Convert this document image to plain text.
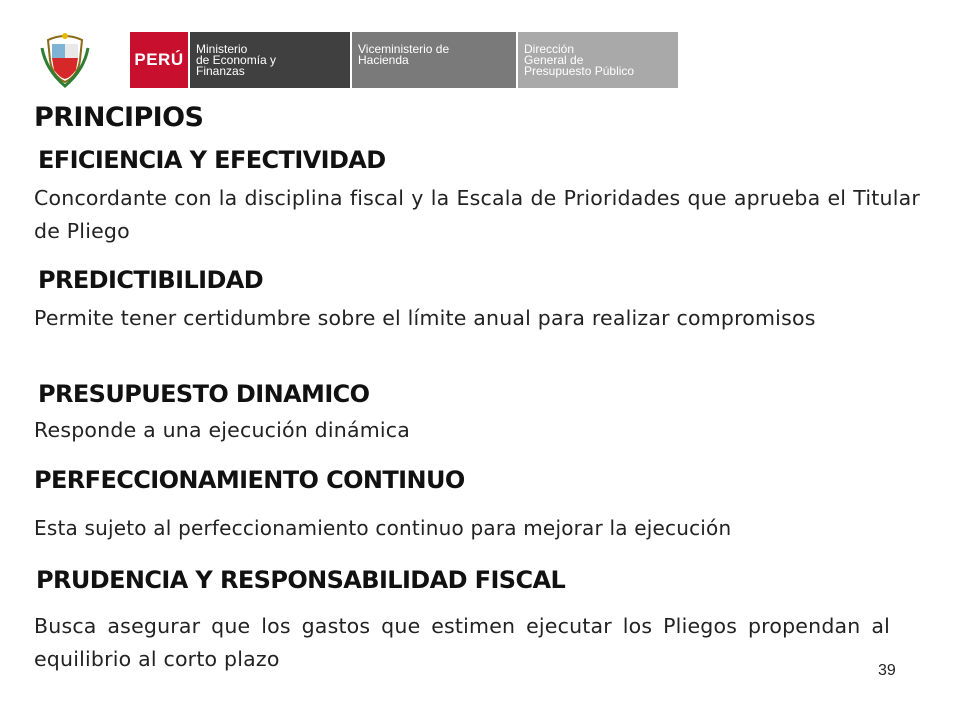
PERÚ
Ministerio
de Economía y
Finanzas
Viceministerio de
Hacienda
Dirección
General de
Presupuesto Público
PRINCIPIOS
EFICIENCIA Y EFECTIVIDAD

Concordante con la disciplina fiscal y la Escala de Prioridades que aprueba el Titular de Pliego

PREDICTIBILIDAD

Permite tener certidumbre sobre el límite anual para realizar compromisos

PRESUPUESTO DINAMICO

Responde a una ejecución dinámica

PERFECCIONAMIENTO CONTINUO

Esta sujeto al perfeccionamiento continuo para mejorar la ejecución

PRUDENCIA Y RESPONSABILIDAD FISCAL

Busca asegurar que los gastos que estimen ejecutar los Pliegos propendan al equilibrio al corto plazo	39
